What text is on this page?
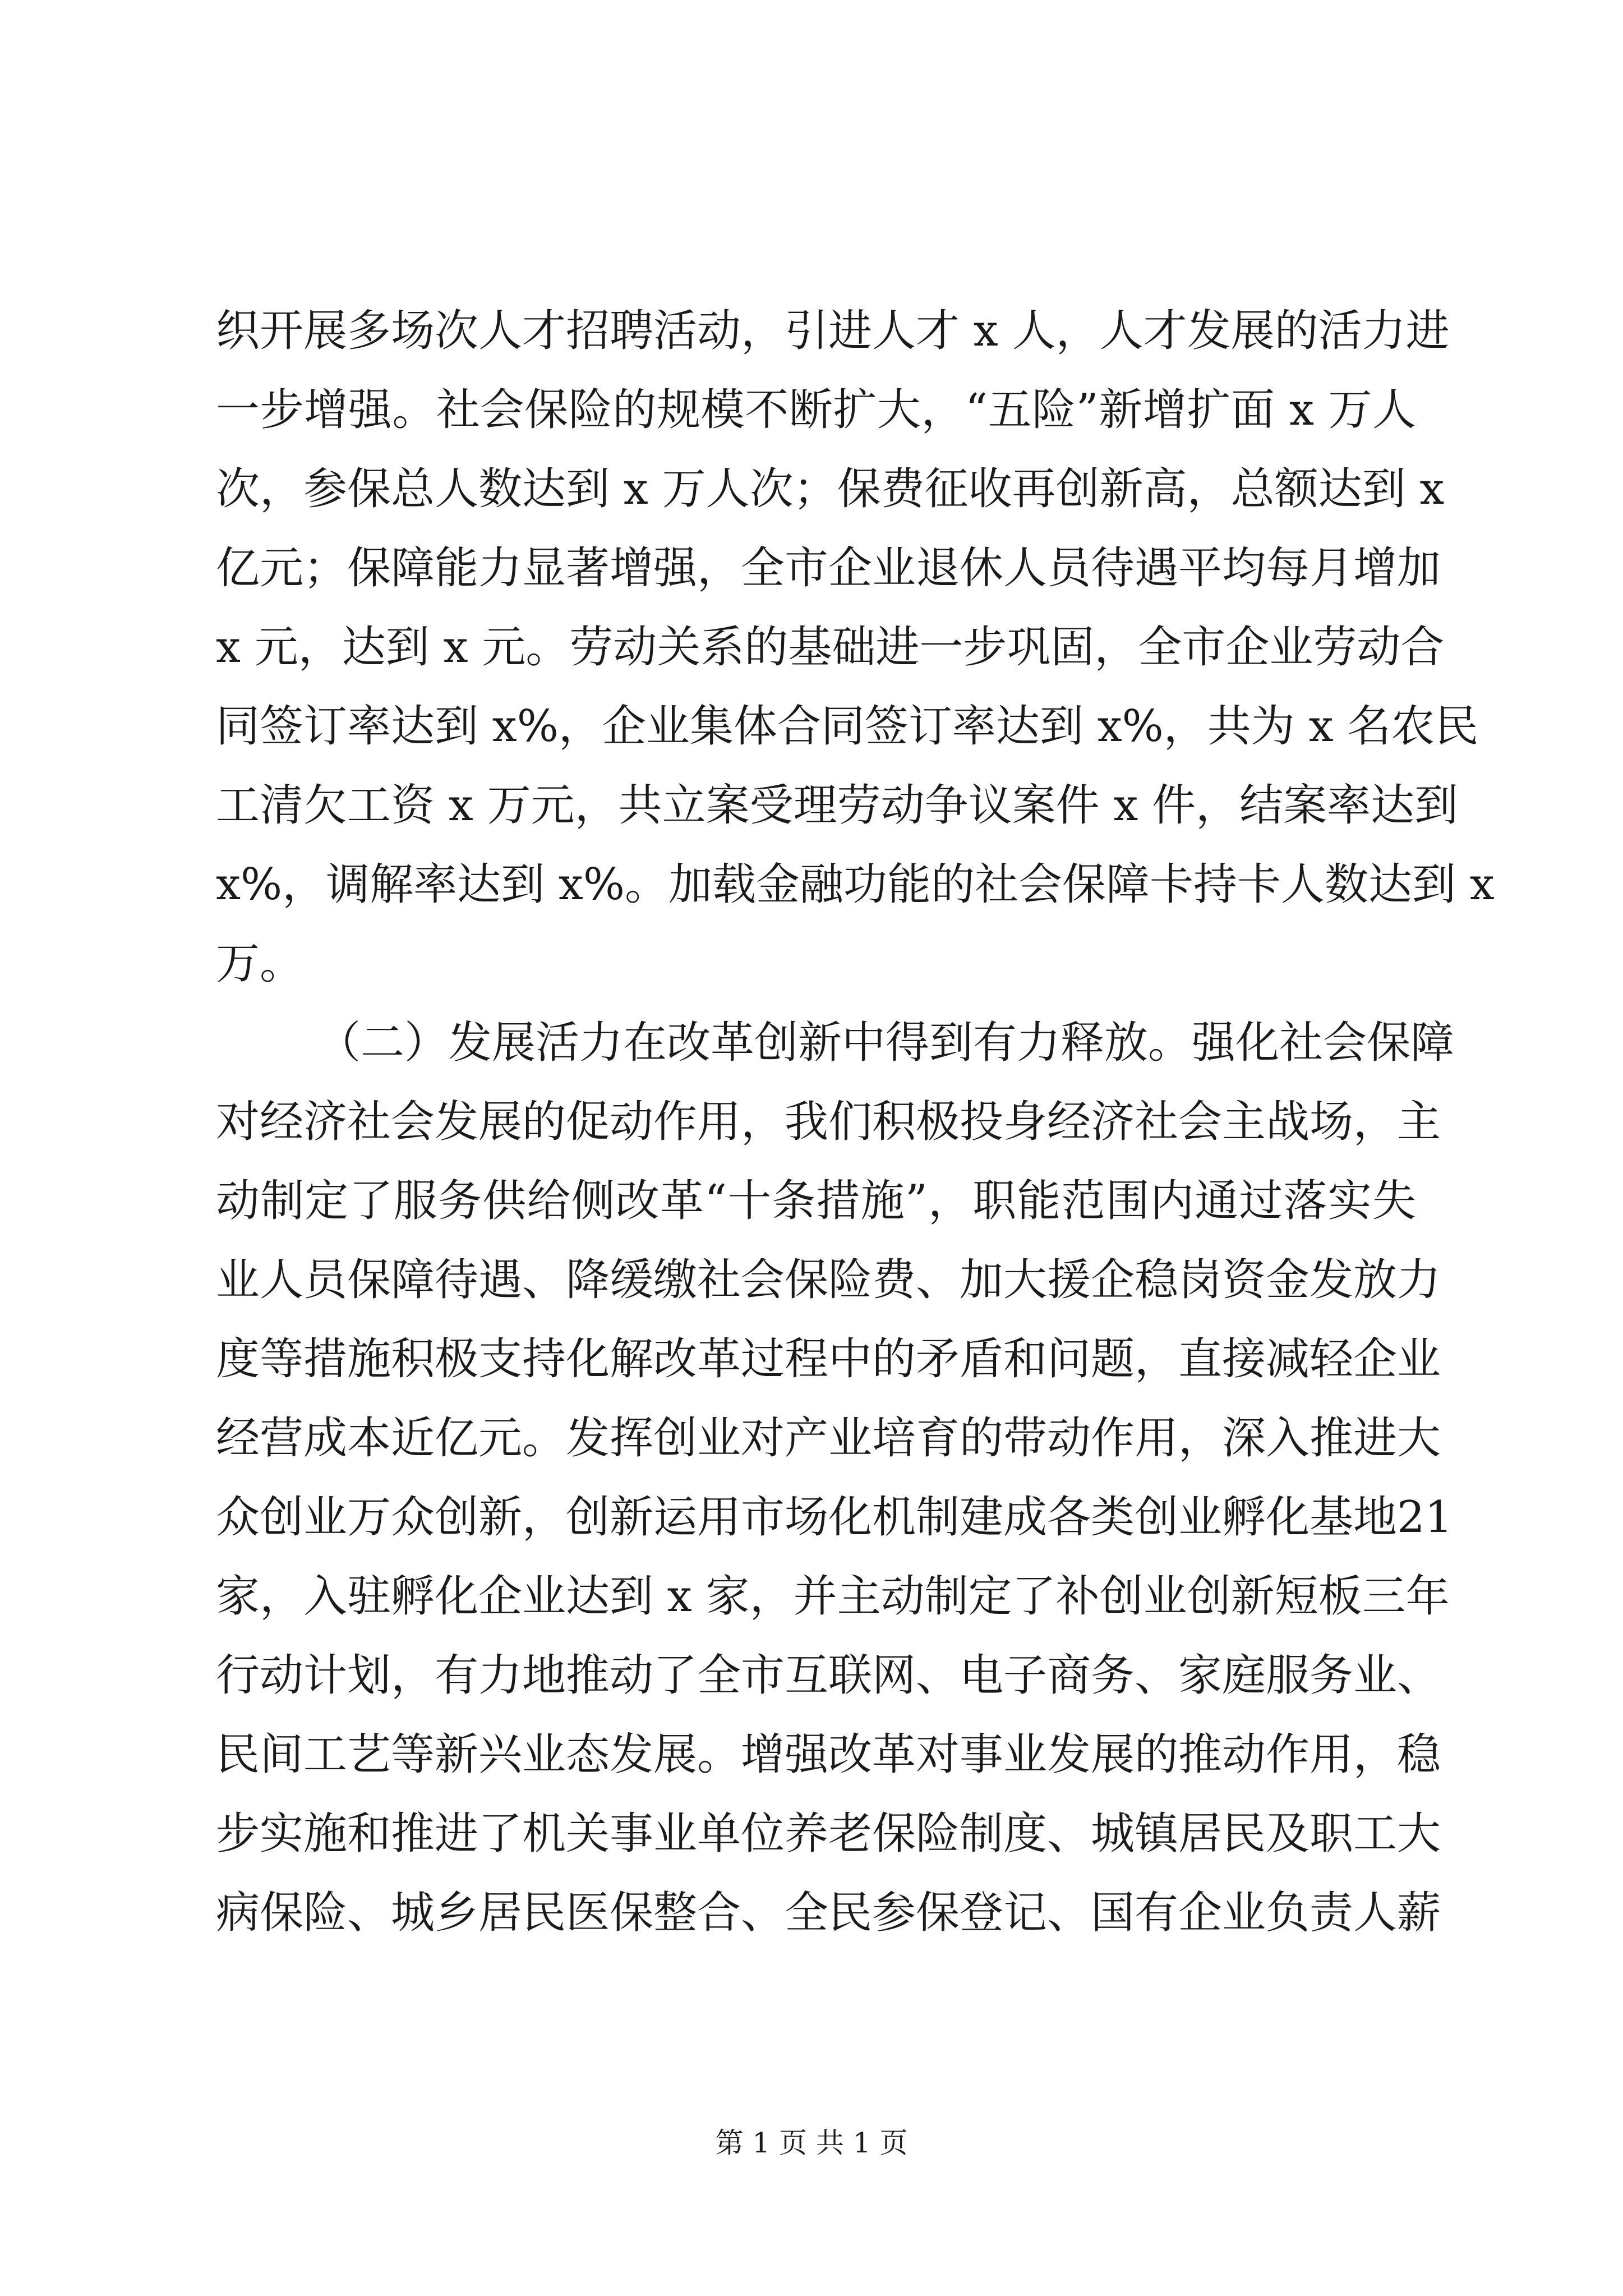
织开展多场次人才招聘活动，引进人才 x 人，人才发展的活力进
一步增强。社会保险的规模不断扩大，“五险”新增扩面 x 万人
次，参保总人数达到 x 万人次；保费征收再创新高，总额达到 x
亿元；保障能力显著增强，全市企业退休人员待遇平均每月增加
x 元，达到 x 元。劳动关系的基础进一步巩固，全市企业劳动合
同签订率达到 x%，企业集体合同签订率达到 x%，共为 x 名农民
工清欠工资 x 万元，共立案受理劳动争议案件 x 件，结案率达到
x%，调解率达到 x%。加载金融功能的社会保障卡持卡人数达到 x
万。
（二）发展活力在改革创新中得到有力释放。强化社会保障
对经济社会发展的促动作用，我们积极投身经济社会主战场，主
动制定了服务供给侧改革“十条措施”，职能范围内通过落实失
业人员保障待遇、降缓缴社会保险费、加大援企稳岗资金发放力
度等措施积极支持化解改革过程中的矛盾和问题，直接减轻企业
经营成本近亿元。发挥创业对产业培育的带动作用，深入推进大
众创业万众创新，创新运用市场化机制建成各类创业孵化基地21
家，入驻孵化企业达到 x 家，并主动制定了补创业创新短板三年
行动计划，有力地推动了全市互联网、电子商务、家庭服务业、
民间工艺等新兴业态发展。增强改革对事业发展的推动作用，稳
步实施和推进了机关事业单位养老保险制度、城镇居民及职工大
病保险、城乡居民医保整合、全民参保登记、国有企业负责人薪
第 1 页 共 1 页
